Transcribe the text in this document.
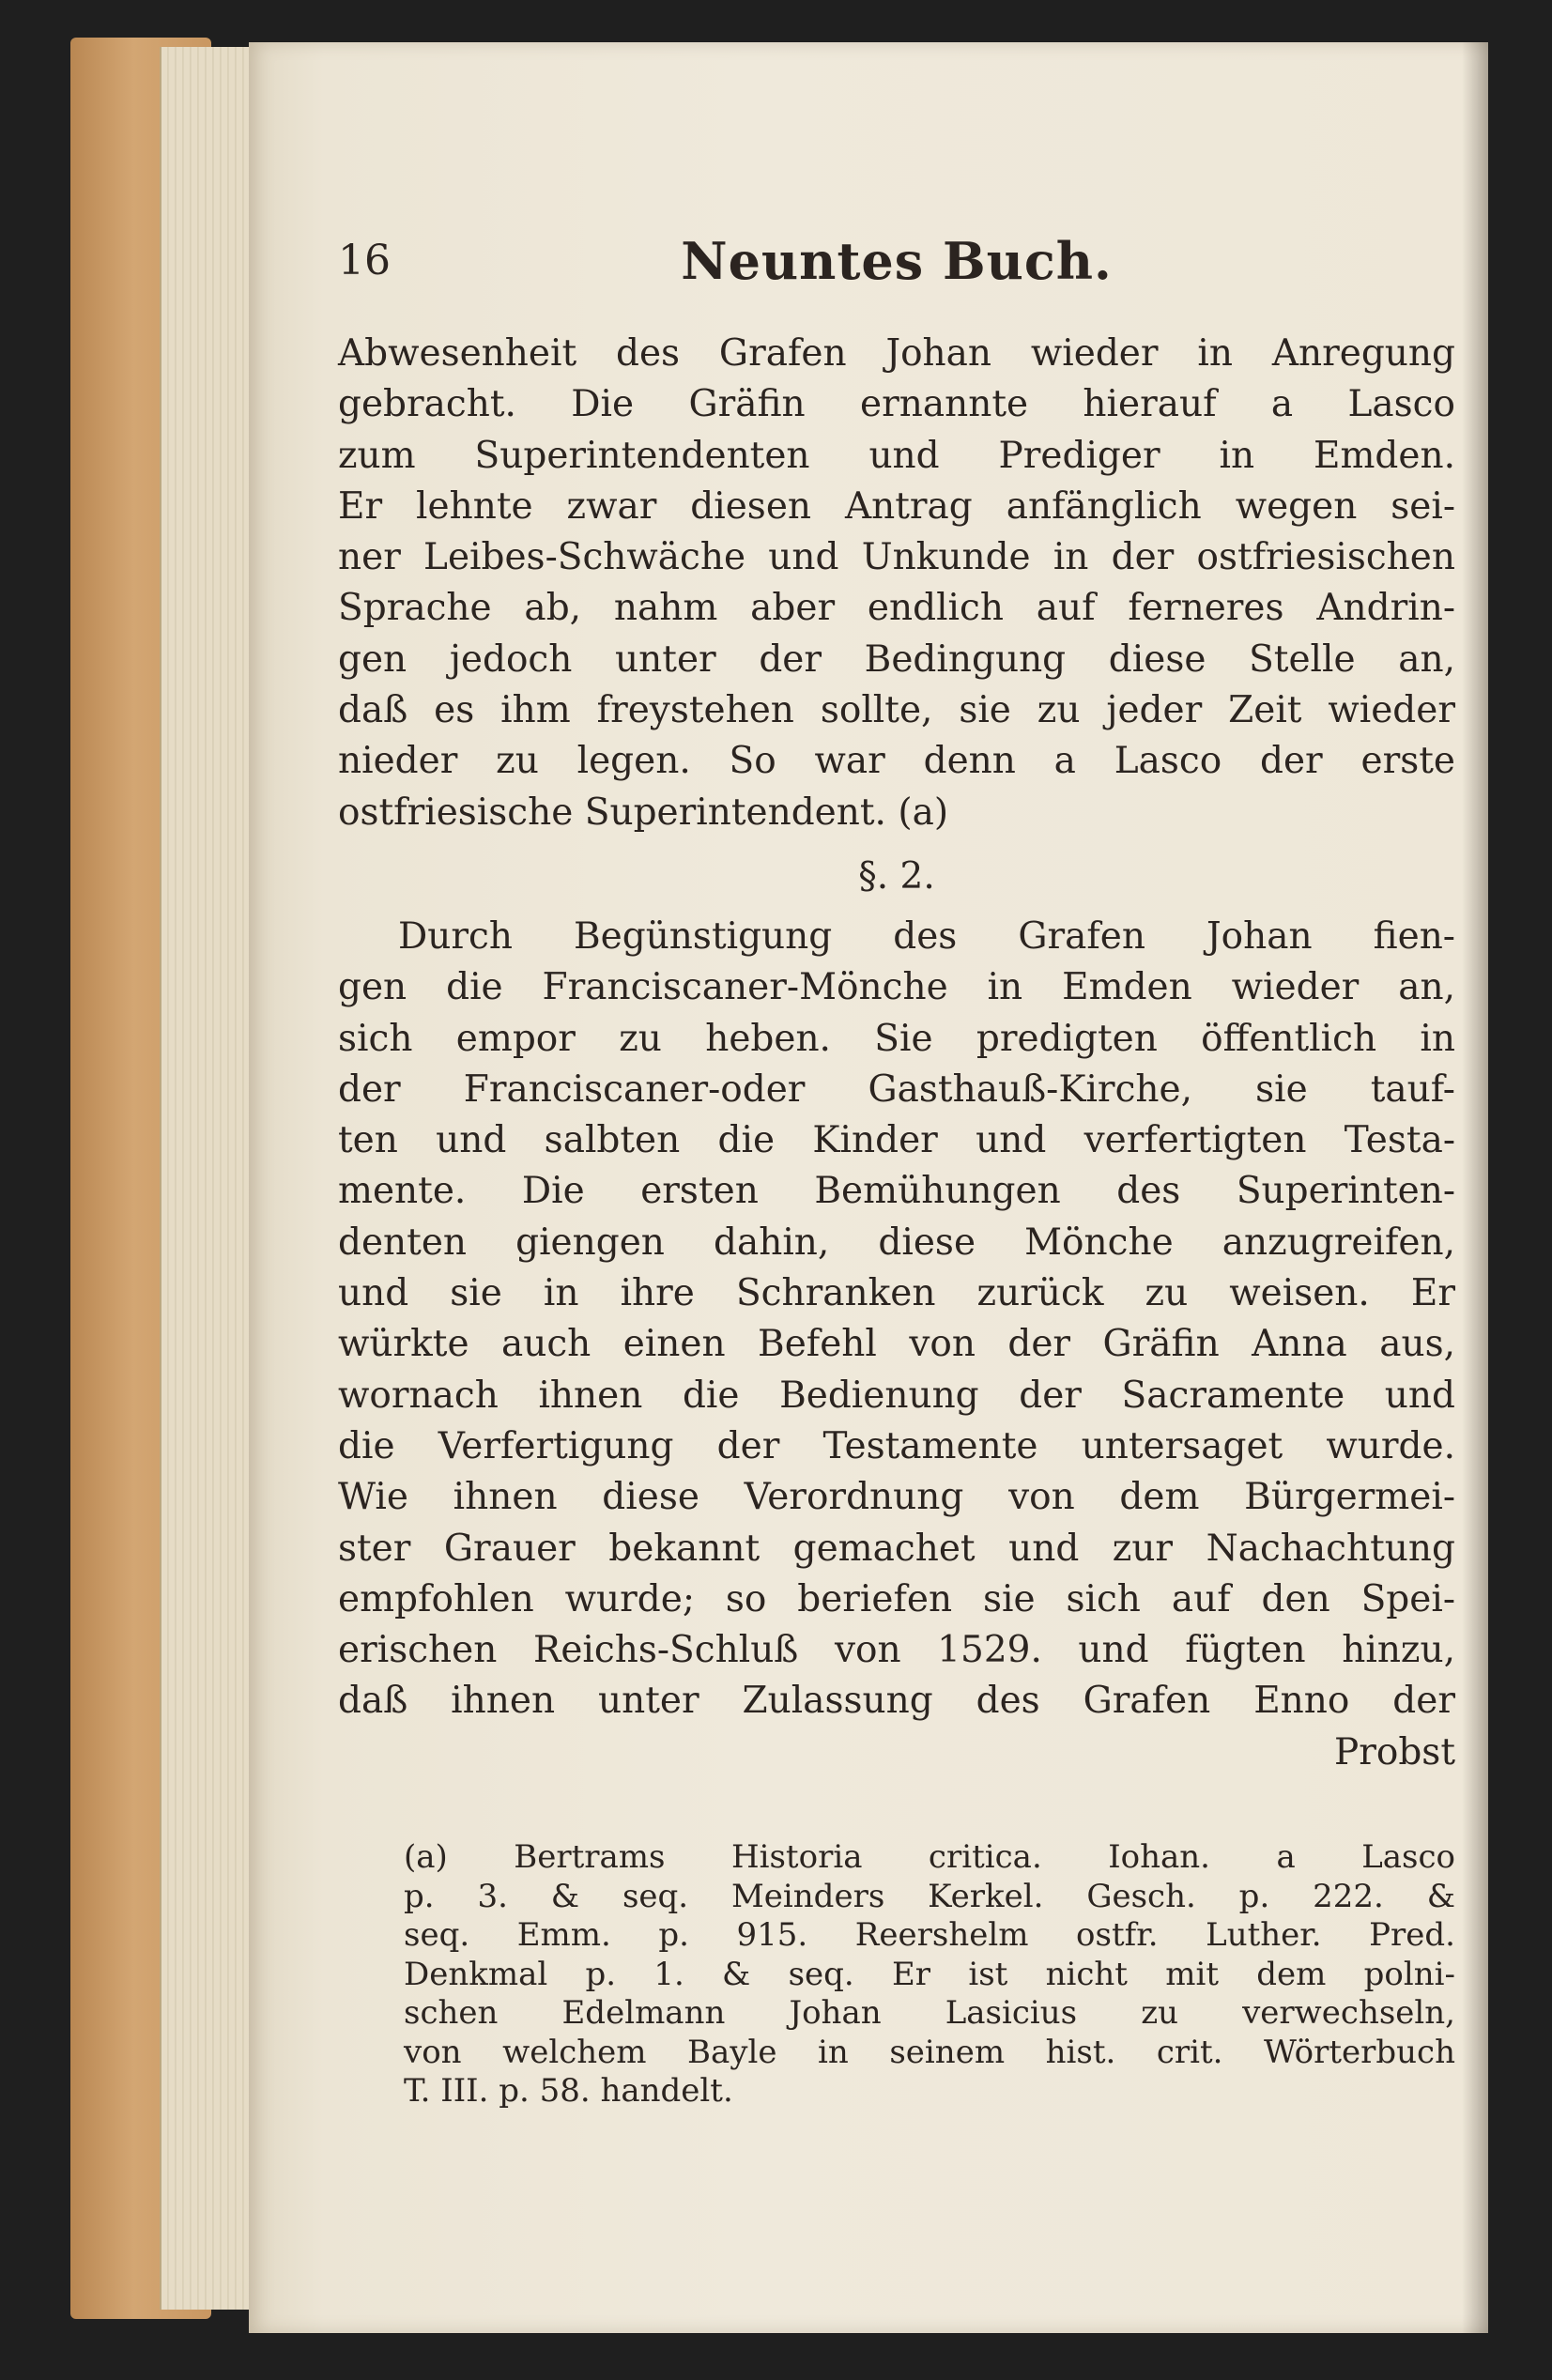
16	Neuntes Buch.
Abwesenheit des Grafen Johan wieder in Anregung
gebracht. Die Gräfin ernannte hierauf a Lasco
zum Superintendenten und Prediger in Emden.
Er lehnte zwar diesen Antrag anfänglich wegen sei-
ner Leibes-Schwäche und Unkunde in der ostfriesischen
Sprache ab, nahm aber endlich auf ferneres Andrin-
gen jedoch unter der Bedingung diese Stelle an,
daß es ihm freystehen sollte, sie zu jeder Zeit wieder
nieder zu legen. So war denn a Lasco der erste
ostfriesische Superintendent. (a)
§. 2.
Durch Begünstigung des Grafen Johan fien-
gen die Franciscaner-Mönche in Emden wieder an,
sich empor zu heben. Sie predigten öffentlich in
der Franciscaner-oder Gasthauß-Kirche, sie tauf-
ten und salbten die Kinder und verfertigten Testa-
mente. Die ersten Bemühungen des Superinten-
denten giengen dahin, diese Mönche anzugreifen,
und sie in ihre Schranken zurück zu weisen. Er
würkte auch einen Befehl von der Gräfin Anna aus,
wornach ihnen die Bedienung der Sacramente und
die Verfertigung der Testamente untersaget wurde.
Wie ihnen diese Verordnung von dem Bürgermei-
ster Grauer bekannt gemachet und zur Nachachtung
empfohlen wurde; so beriefen sie sich auf den Spei-
erischen Reichs-Schluß von 1529. und fügten hinzu,
daß ihnen unter Zulassung des Grafen Enno der
Probst
(a) Bertrams Historia critica. Iohan. a Lasco
p. 3. & seq. Meinders Kerkel. Gesch. p. 222. &
seq. Emm. p. 915. Reershelm ostfr. Luther. Pred.
Denkmal p. 1. & seq. Er ist nicht mit dem polni-
schen Edelmann Johan Lasicius zu verwechseln,
von welchem Bayle in seinem hist. crit. Wörterbuch
T. III. p. 58. handelt.
